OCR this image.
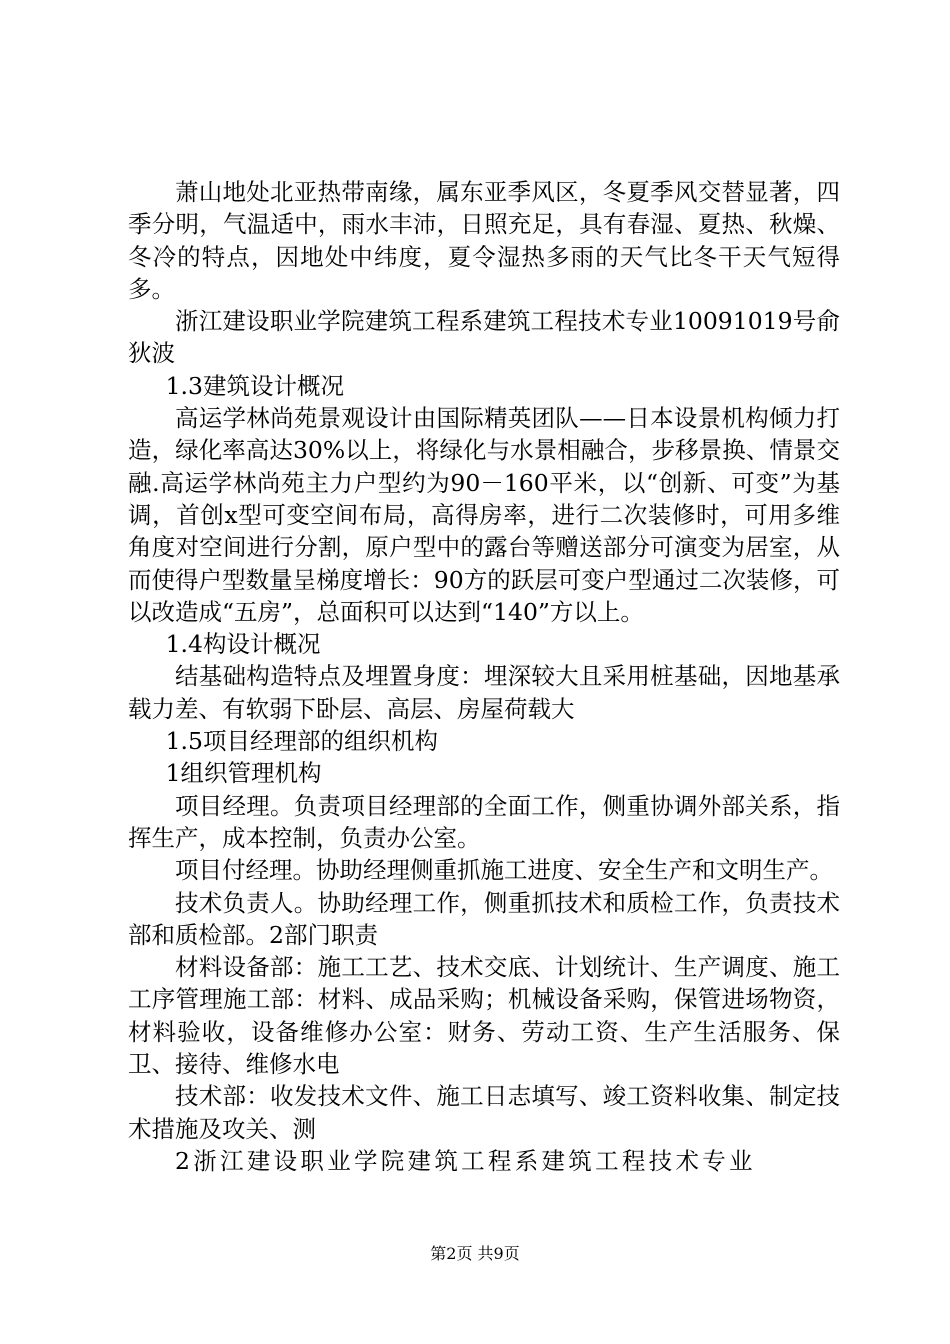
萧山地处北亚热带南缘，属东亚季风区，冬夏季风交替显著，四季分明，气温适中，雨水丰沛，日照充足，具有春湿、夏热、秋燥、冬冷的特点，因地处中纬度，夏令湿热多雨的天气比冬干天气短得多。

浙江建设职业学院建筑工程系建筑工程技术专业10091019号俞狄波

1.3建筑设计概况

高运学林尚苑景观设计由国际精英团队——日本设景机构倾力打造，绿化率高达30%以上，将绿化与水景相融合，步移景换、情景交融.高运学林尚苑主力户型约为90－160平米，以“创新、可变”为基调，首创x型可变空间布局，高得房率，进行二次装修时，可用多维角度对空间进行分割，原户型中的露台等赠送部分可演变为居室，从而使得户型数量呈梯度增长：90方的跃层可变户型通过二次装修，可以改造成“五房”，总面积可以达到“140”方以上。

1.4构设计概况

结基础构造特点及埋置身度：埋深较大且采用桩基础，因地基承载力差、有软弱下卧层、高层、房屋荷载大

1.5项目经理部的组织机构

1组织管理机构

项目经理。负责项目经理部的全面工作，侧重协调外部关系，指挥生产，成本控制，负责办公室。

项目付经理。协助经理侧重抓施工进度、安全生产和文明生产。

技术负责人。协助经理工作，侧重抓技术和质检工作，负责技术部和质检部。2部门职责

材料设备部：施工工艺、技术交底、计划统计、生产调度、施工工序管理施工部：材料、成品采购；机械设备采购，保管进场物资，材料验收，设备维修办公室：财务、劳动工资、生产生活服务、保卫、接待、维修水电

技术部：收发技术文件、施工日志填写、竣工资料收集、制定技术措施及攻关、测

2浙江建设职业学院建筑工程系建筑工程技术专业

第2页 共9页
